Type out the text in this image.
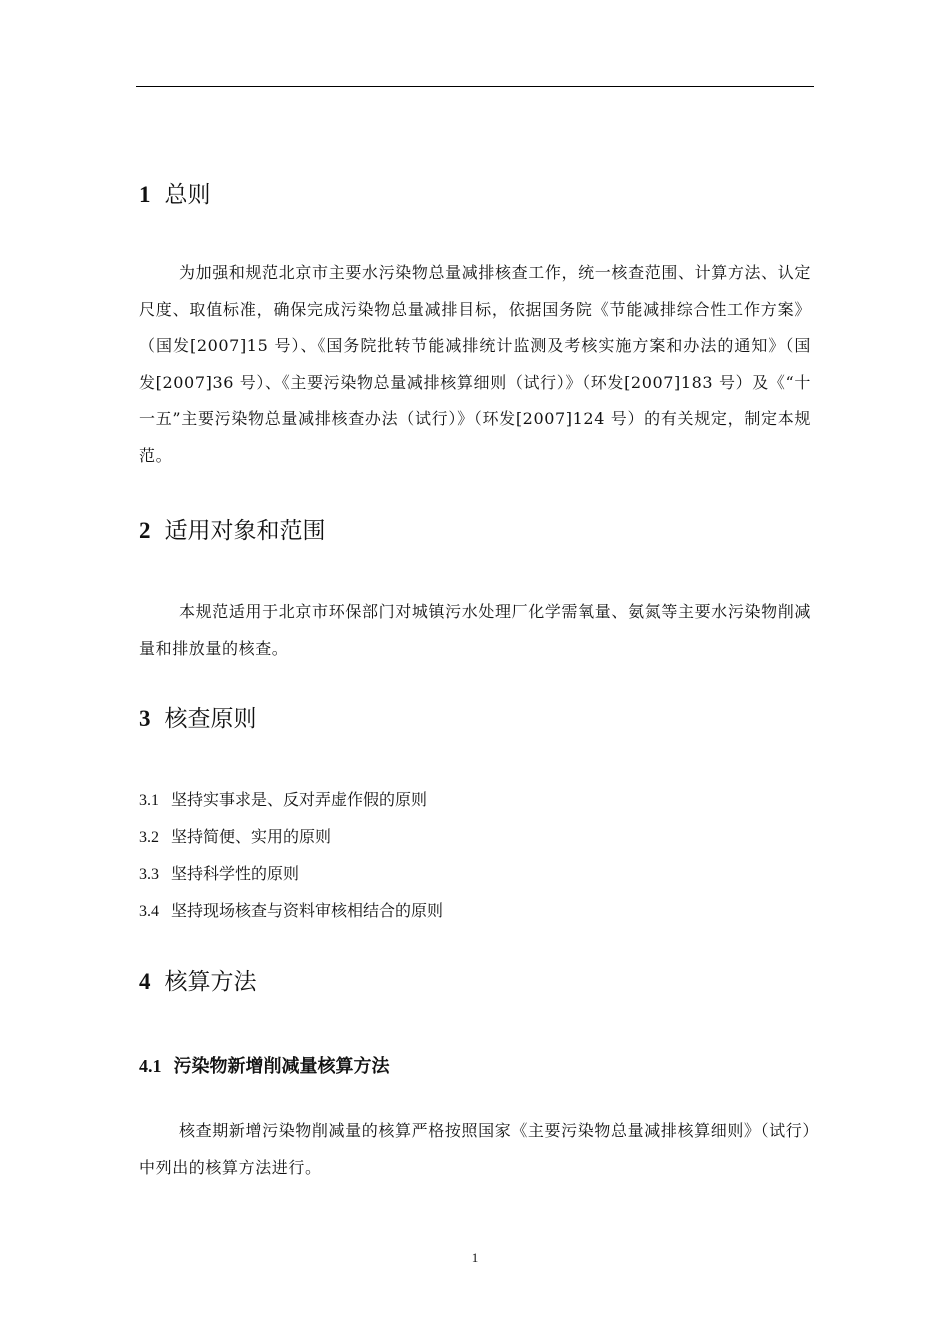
1 总则
为加强和规范北京市主要水污染物总量减排核查工作，统一核查范围、计算方法、认定尺度、取值标准，确保完成污染物总量减排目标，依据国务院《节能减排综合性工作方案》（国发[2007]15 号）、《国务院批转节能减排统计监测及考核实施方案和办法的通知》（国发[2007]36 号）、《主要污染物总量减排核算细则（试行）》（环发[2007]183 号）及《“十一五”主要污染物总量减排核查办法（试行）》（环发[2007]124 号）的有关规定，制定本规范。
2 适用对象和范围
本规范适用于北京市环保部门对城镇污水处理厂化学需氧量、氨氮等主要水污染物削减量和排放量的核查。
3 核查原则
3.1 坚持实事求是、反对弄虚作假的原则
3.2 坚持简便、实用的原则
3.3 坚持科学性的原则
3.4 坚持现场核查与资料审核相结合的原则
4 核算方法
4.1 污染物新增削减量核算方法
核查期新增污染物削减量的核算严格按照国家《主要污染物总量减排核算细则》（试行）中列出的核算方法进行。
1
